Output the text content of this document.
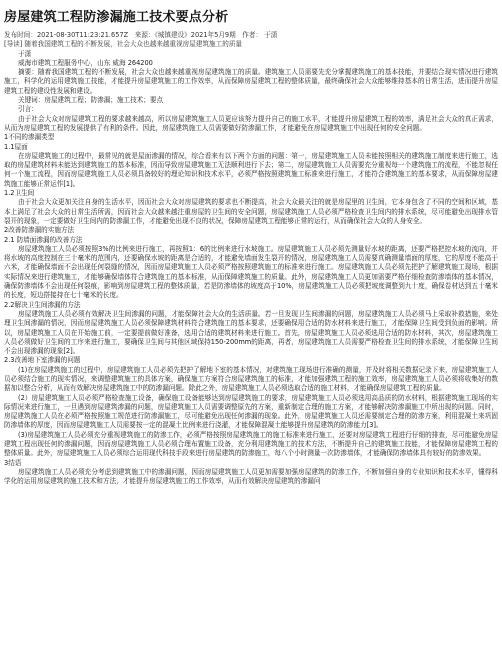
房屋建筑工程防渗漏施工技术要点分析

发布时间：2021-08-30T11:23:21.657Z　来源：《城镇建设》2021年5月9期　作者： 于潇

[导读] 随着我国建筑工程的不断发展，社会大众也越来越重视房屋建筑施工的质量

于潇

威海市建筑工程服务中心，山东 威海 264200

摘要：随着我国建筑工程的不断发展，社会大众也越来越重视房屋建筑施工的质量。建筑施工人员需要先充分掌握建筑施工的基本技能，并要结合现实情况进行建筑施工，科学化的运用建筑施工技能，才能提升房屋建筑施工的工作效率，从而保障房屋建筑工程的整体质量，最终确保社会大众能够维持基本的日常生活，进而提升房屋建筑工程的建设性发展和建设。

关键词：房屋建筑工程；防渗漏；施工技术；要点

引言：

由于社会大众对房屋建筑工程的要求越来越高，所以房屋建筑施工人员更应该努力提升自己的施工水平，才能提升房屋建筑工程的效率，满足社会大众的真正需求，从而为房屋建筑工程的发展提供了有利的条件。因此，房屋建筑施工人员需要做好防渗漏工作，才能避免在房屋建筑施工中出现任何的安全问题。

1不同的渗漏类型

1.1屋面

在房屋建筑施工的过程中，最常见的就是屋面渗漏的情况，综合看来有以下两个方面的问题：第一，房屋建筑施工人员未能按照相关的建筑施工制度来进行施工，选取的房屋建筑材料未能达到建筑施工的基本标准，因而导致房屋建筑施工无法顺利进行下去；第二，房屋建筑施工人员需要充分重视每一个建筑施工的流程，不能忽视任何一个施工流程，因而房屋建筑施工人员必须具备较好的理论知识和技术水平，必须严格按照建筑施工标准来进行施工，才能符合建筑施工的基本要求，从而保障房屋建筑施工能够正常运作[1]。

1.2卫生间

由于社会大众更加关注自身的生活水平，因而社会大众对房屋建筑的要求也不断提高，社会大众最关注的就是房屋里的卫生间，它本身包含了不同的空间和区域，基本上满足了社会大众的日常生活所需，因而社会大众越来越注重房屋的卫生间的安全问题，房屋建筑施工人员必须严格检查卫生间内的排水系统，尽可能避免出现排水管裂开的现象，一定要做好卫生间内的防渗漏工作，才能避免出现不良的状况，保障房屋建筑工程能够正常的运行，从而确保社会大众的人身安全。

2改善防渗漏的实施方法

2.1 防墙面渗漏的改善方法

房屋建筑施工人员必须按照3%的比例来进行施工，再按照1：6的比例来进行水坡施工。房屋建筑施工人员必须先测量好水坡的距离，还要严格把控水坡的流向，并将水坡的高度控制在三十毫米的范围内，还要确保水坡的距离是合适的，才能避免墙面发生裂开的情况，房屋建筑施工人员需要真确测量墙面的厚度，它的厚度不能高于六米，才能确保墙面不会出现任何裂缝的情况，因而房屋建筑施工人员必须严格按照建筑施工的标准来进行施工。房屋建筑施工人员必须先把护了解建筑施工现场，根据实际情况来进行建筑施工，才能够确保墙体符合建筑施工的基本标准，从而保障建筑施工的质量。此外，房屋建筑施工人员更加需要严格仔细检查防渗墙体的基本情况，确保防渗墙体不会出现任何裂痕，影响到房屋建筑工程的整体质量，若是防渗墙体的坡度高于10%，房屋建筑施工人员必须把坡度调整到九十度，确保卷材达到五十毫米的长度，短边搭接持在七十毫米的长度。

2.2解决卫生间渗漏的方法

房屋建筑施工人员必须有效解决卫生间渗漏的问题，才能保障社会大众的生活质量。若一旦发现卫生间渗漏的问题，房屋建筑施工人员必须马上采取补救措施，来处理卫生间渗漏的情况，因而房屋建筑施工人员必须保障建筑材料符合建筑施工的基本要求，还要确保用合适的防水材料来进行施工，才能保障卫生间受到负面的影响。所以，房屋建筑施工人员在开始施工前，一定要提前做好准备，选用合适的建筑材料来进行施工。首先，房屋建筑施工人员必须选用合适的防水材料，其次，房屋建筑施工人员必须做好卫生间的工序来进行施工，要确保卫生间与其他区域保持150-200mm的距离，再者，房屋建筑施工人员需要严格检查卫生间的排水系统，才能保障卫生间不会出现渗漏的现象[2]。

2.3改善地下室渗漏的问题

(1)在房屋建筑施工的过程中，房屋建筑施工人员必须先把护了解地下室的基本情况，对建筑施工现场进行准确的测量，并及时将相关数据记录下来，房屋建筑施工人员必须结合施工的现实情况，来调整建筑施工的具体方案，确保施工方案符合房屋建筑施工的标准，才能加强建筑工程的施工效率，房屋建筑施工人员必须将收集好的数据加以整合分析，从而有效解决房屋建筑施工中的防渗漏问题。除此之外，房屋建筑施工人员必须选取合适的施工材料，才能确保房屋建筑工程的质量。

(2）房屋建筑施工人员必须严格检查施工设备，确保施工设备能够达到房屋建筑施工的要求，房屋建筑施工人员必须选用高品质的防水材料，根据建筑施工现场的实际情况来进行施工，一旦遇到房屋建筑渗漏的问题，房屋建筑施工人员需要调整原先的方案，重新制定合理的施工方案，才能够解决防渗漏施工中所出现的问题。同时，房屋建筑施工人员在必须严格按照施工规范进行防渗漏施工，尽可能避免出现任何渗漏的现象。此外，房屋建筑施工人员还需要制定合理的防渗方案，利用混凝土来巩固防渗墙体的厚度，因而房屋建筑施工人员需要按一定的混凝土比例来进行浇灌，才能保障混凝土能够提升房屋建筑的防渗能力[3]。

(3)房屋建筑施工人员必须充分重视建筑施工的防渗工作，必须严格按照房屋建筑施工的施工标准来进行施工，还要对房屋建筑工程进行仔细的排查，尽可能避免房屋建筑工程出现任何的渗漏问题，因而房屋建筑施工人员必须合理布置施工设备，充分利用建筑施工的技术方法，不断提升自己的建筑施工技能，才能保障房屋建筑工程的整体质量。此外，房屋建筑施工人员必须综合运用现代科技手段来进行房屋建筑的防渗施工，每八个小时测量一次防渗墙体，才能确保防渗墙体具有较好的防渗效果。

3结语

房屋建筑施工人员必须充分考虑到建筑施工中的渗漏问题，因而房屋建筑施工人员更加需要加强房屋建筑的防渗工作，不断加强自身的专业知识和技术水平，懂得科学化的运用房屋建筑的施工技术和方法，才能提升房屋建筑施工的工作效率，从而有效解决房屋建筑的渗漏问
